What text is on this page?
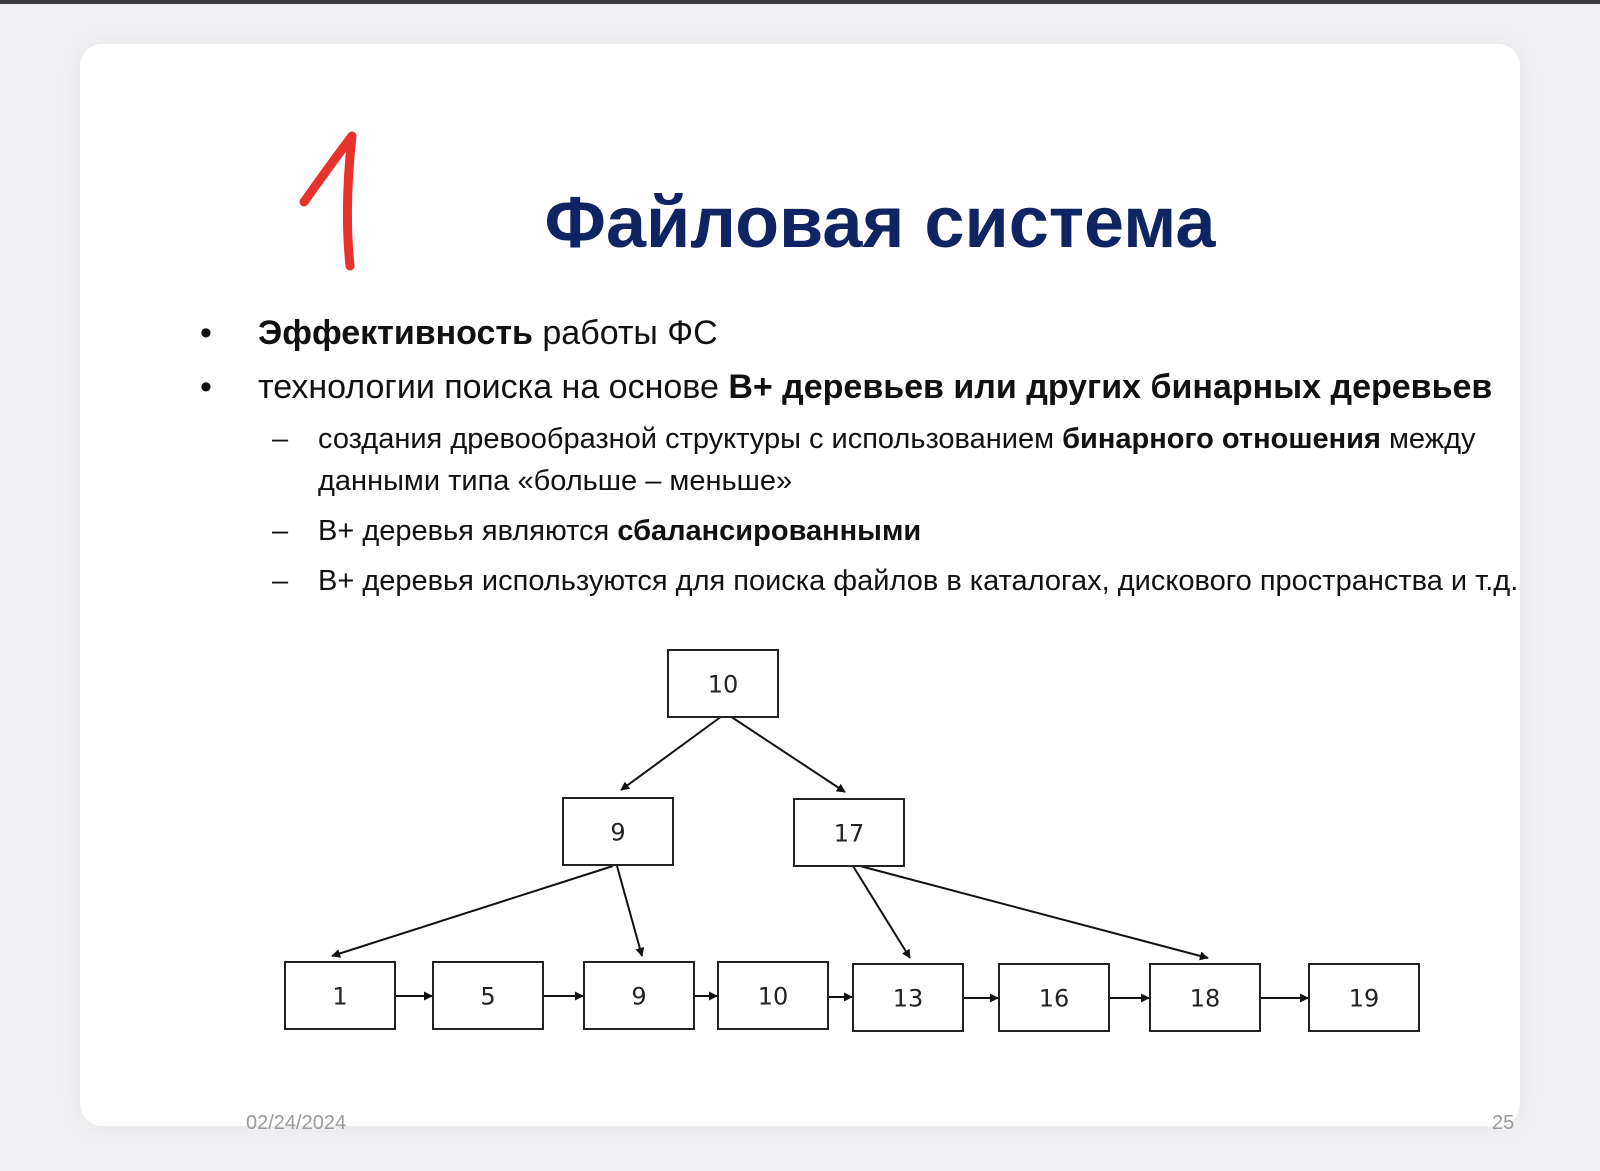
Файловая система
•	Эффективность работы ФС
•	технологии поиска на основе В+ деревьев или других бинарных деревьев
–	создания древообразной структуры с использованием бинарного отношения между данными типа «больше – меньше»
–	В+ деревья являются сбалансированными
–	В+ деревья используются для поиска файлов в каталогах, дискового пространства и т.д.
10
9	17
1	5	9	10	13	16	18	19
02/24/2024	25
